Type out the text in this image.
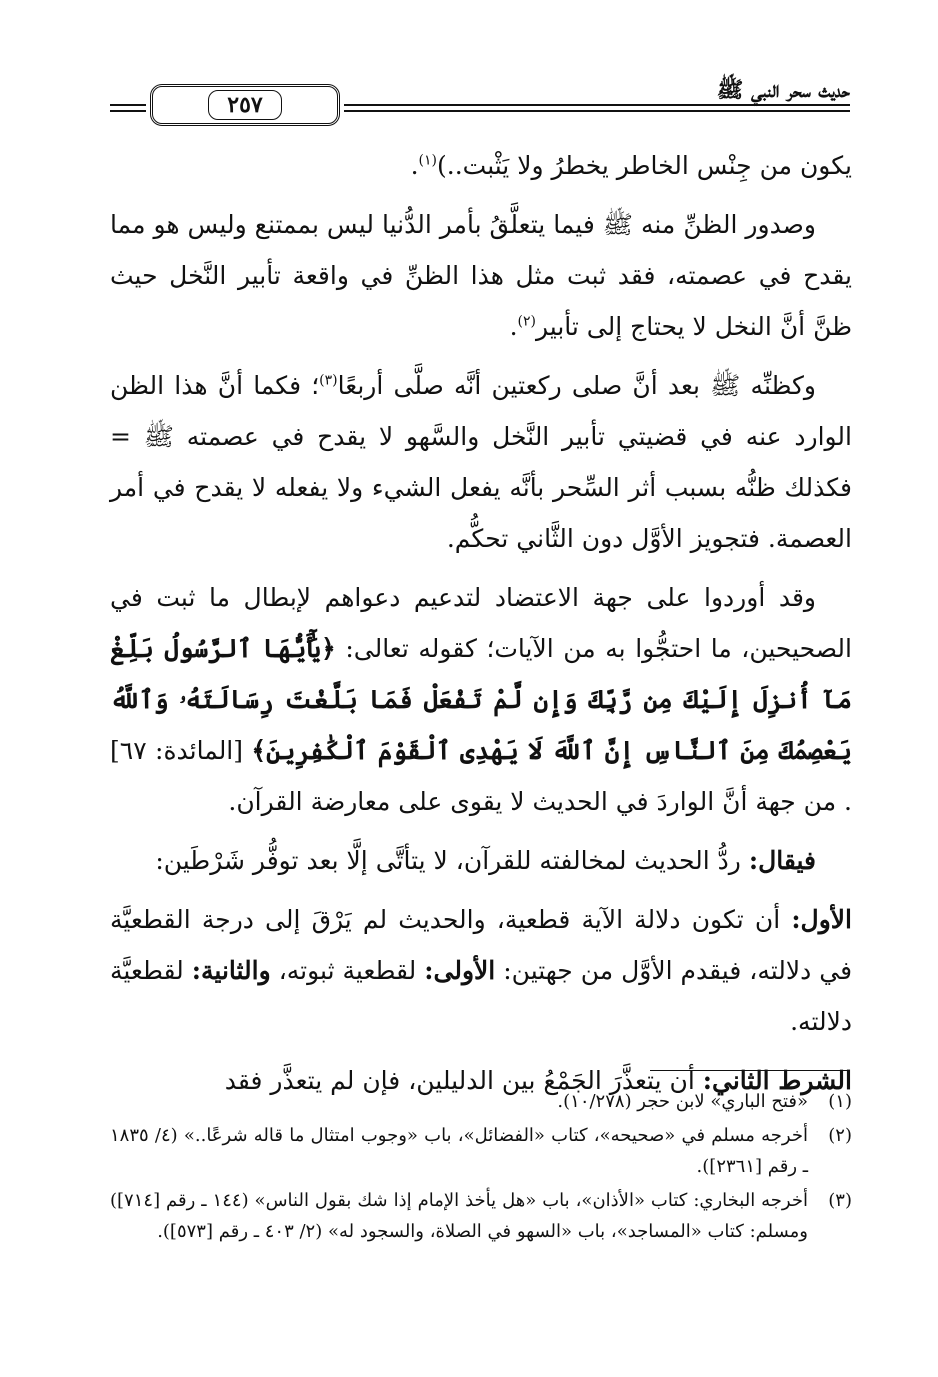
حديث سحر النبي ﷺ
٢٥٧

يكون من جِنْس الخاطر يخطرُ ولا يَثْبت..)$^{(١)}$.

وصدور الظنِّ منه ﷺ فيما يتعلَّقُ بأمر الدُّنيا ليس بممتنع وليس هو مما يقدح في عصمته، فقد ثبت مثل هذا الظنِّ في واقعة تأبير النَّخل حيث ظنَّ أنَّ النخل لا يحتاج إلى تأبير$^{(٢)}$.

وكظنِّه ﷺ بعد أنَّ صلى ركعتين أنَّه صلَّى أربعًا$^{(٣)}$؛ فكما أنَّ هذا الظن الوارد عنه في قضيتي تأبير النَّخل والسَّهو لا يقدح في عصمته ﷺ = فكذلك ظنُّه بسبب أثر السِّحر بأنَّه يفعل الشيء ولا يفعله لا يقدح في أمر العصمة. فتجويز الأوَّل دون الثَّاني تحكُّم.

وقد أوردوا على جهة الاعتضاد لتدعيم دعواهم لإبطال ما ثبت في الصحيحين، ما احتجُّوا به من الآيات؛ كقوله تعالى: ﴿يَٰٓأَيُّهَا ٱلرَّسُولُ بَلِّغْ مَآ أُنزِلَ إِلَيْكَ مِن رَّبِّكَ وَإِن لَّمْ تَفْعَلْ فَمَا بَلَّغْتَ رِسَالَتَهُۥ وَٱللَّهُ يَعْصِمُكَ مِنَ ٱلنَّاسِ إِنَّ ٱللَّهَ لَا يَهْدِى ٱلْقَوْمَ ٱلْكَٰفِرِينَ﴾ [المائدة: ٦٧] . من جهة أنَّ الواردَ في الحديث لا يقوى على معارضة القرآن.

فيقال: ردُّ الحديث لمخالفته للقرآن، لا يتأتَّى إلَّا بعد توفُّر شَرْطَين:

الأول: أن تكون دلالة الآية قطعية، والحديث لم يَرْقَ إلى درجة القطعيَّة في دلالته، فيقدم الأوَّل من جهتين: الأولى: لقطعية ثبوته، والثانية: لقطعيَّة دلالته.

الشرط الثاني: أن يتعذَّرَ الجَمْعُ بين الدليلين، فإن لم يتعذَّر فقد

(١)
«فتح الباري» لابن حجر (١٠/٢٧٨).
(٢)
أخرجه مسلم في «صحيحه»، كتاب «الفضائل»، باب «وجوب امتثال ما قاله شرعًا..» (٤/ ١٨٣٥ ـ رقم [٢٣٦١]).
(٣)
أخرجه البخاري: كتاب «الأذان»، باب «هل يأخذ الإمام إذا شك بقول الناس» (١٤٤ ـ رقم [٧١٤]) ومسلم: كتاب «المساجد»، باب «السهو في الصلاة، والسجود له» (٢/ ٤٠٣ ـ رقم [٥٧٣]).
